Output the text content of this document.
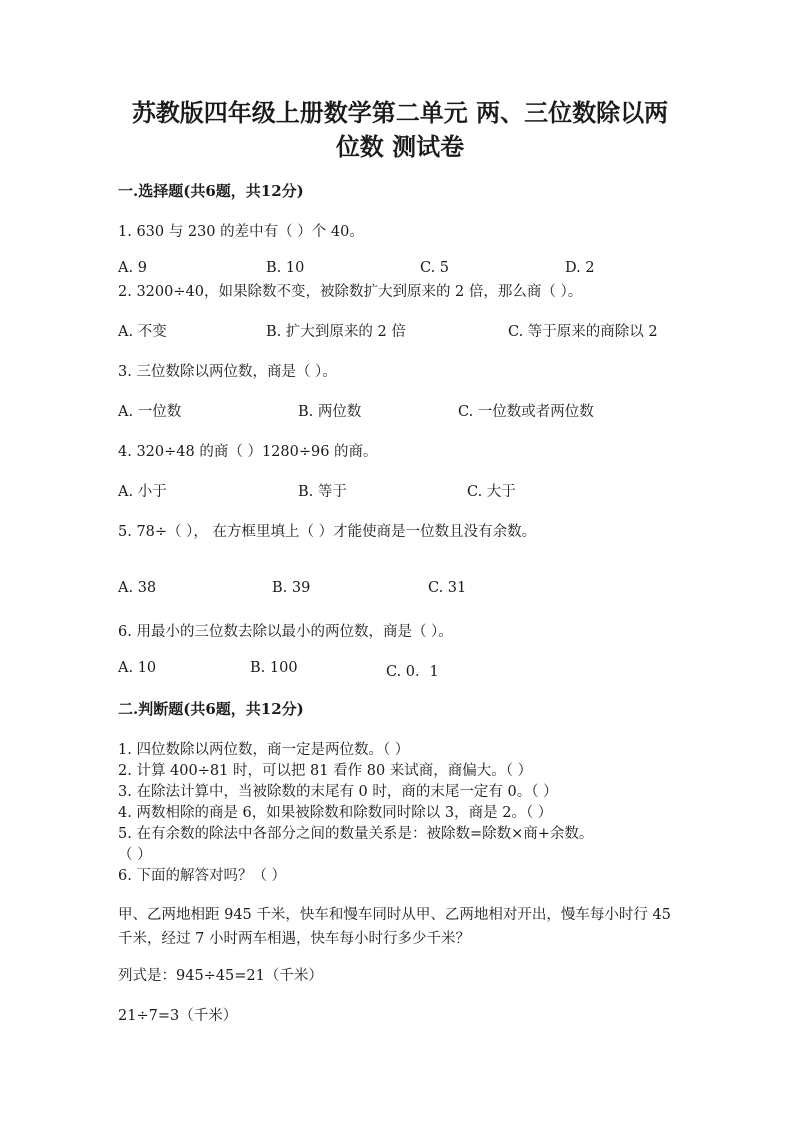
苏教版四年级上册数学第二单元 两、三位数除以两
位数 测试卷

一.选择题(共6题，共12分)

1. 630 与 230 的差中有（ ）个 40。

A. 9	B. 10	C. 5	D. 2

2. 3200÷40，如果除数不变，被除数扩大到原来的 2 倍，那么商（ ）。

A. 不变	B. 扩大到原来的 2 倍	C. 等于原来的商除以 2

3. 三位数除以两位数，商是（ ）。

A. 一位数	B. 两位数	C. 一位数或者两位数

4. 320÷48 的商（ ）1280÷96 的商。

A. 小于	B. 等于	C. 大于

5. 78÷（ ）， 在方框里填上（ ）才能使商是一位数且没有余数。

A. 38	B. 39	C. 31

6. 用最小的三位数去除以最小的两位数，商是（ ）。

A. 10	B. 100	C. 0．1

二.判断题(共6题，共12分)

1. 四位数除以两位数，商一定是两位数。（ ）

2. 计算 400÷81 时，可以把 81 看作 80 来试商，商偏大。（ ）

3. 在除法计算中，当被除数的末尾有 0 时，商的末尾一定有 0。（ ）

4. 两数相除的商是 6，如果被除数和除数同时除以 3，商是 2。（ ）

5. 在有余数的除法中各部分之间的数量关系是：被除数=除数×商+余数。

（ ）

6. 下面的解答对吗？（ ）

甲、乙两地相距 945 千米，快车和慢车同时从甲、乙两地相对开出，慢车每小时行 45 千米，经过 7 小时两车相遇，快车每小时行多少千米？

列式是：945÷45=21（千米）

21÷7=3（千米）
